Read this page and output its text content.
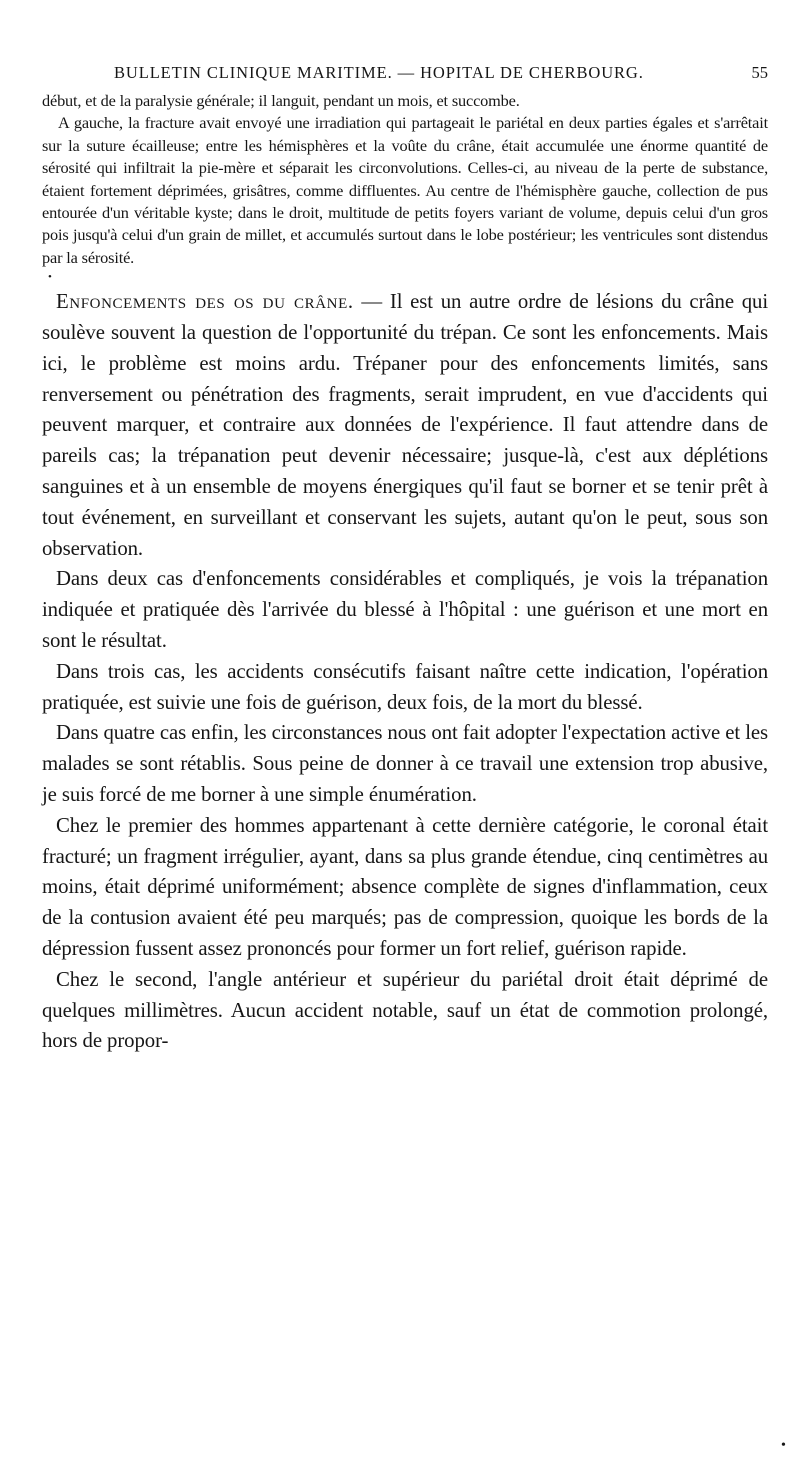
BULLETIN CLINIQUE MARITIME. — HOPITAL DE CHERBOURG.	55

début, et de la paralysie générale; il languit, pendant un mois, et succombe.

A gauche, la fracture avait envoyé une irradiation qui partageait le pariétal en deux parties égales et s'arrêtait sur la suture écailleuse; entre les hémisphères et la voûte du crâne, était accumulée une énorme quantité de sérosité qui infiltrait la pie-mère et séparait les circonvolutions. Celles-ci, au niveau de la perte de substance, étaient fortement déprimées, grisâtres, comme diffluentes. Au centre de l'hémisphère gauche, collection de pus entourée d'un véritable kyste; dans le droit, multitude de petits foyers variant de volume, depuis celui d'un gros pois jusqu'à celui d'un grain de millet, et accumulés surtout dans le lobe postérieur; les ventricules sont distendus par la sérosité.

•

Enfoncements des os du crâne. — Il est un autre ordre de lésions du crâne qui soulève souvent la question de l'opportunité du trépan. Ce sont les enfoncements. Mais ici, le problème est moins ardu. Trépaner pour des enfoncements limités, sans renversement ou pénétration des fragments, serait imprudent, en vue d'accidents qui peuvent marquer, et contraire aux données de l'expérience. Il faut attendre dans de pareils cas; la trépanation peut devenir nécessaire; jusque-là, c'est aux déplétions sanguines et à un ensemble de moyens énergiques qu'il faut se borner et se tenir prêt à tout événement, en surveillant et conservant les sujets, autant qu'on le peut, sous son observation.

Dans deux cas d'enfoncements considérables et compliqués, je vois la trépanation indiquée et pratiquée dès l'arrivée du blessé à l'hôpital : une guérison et une mort en sont le résultat.

Dans trois cas, les accidents consécutifs faisant naître cette indication, l'opération pratiquée, est suivie une fois de guérison, deux fois, de la mort du blessé.

Dans quatre cas enfin, les circonstances nous ont fait adopter l'expectation active et les malades se sont rétablis. Sous peine de donner à ce travail une extension trop abusive, je suis forcé de me borner à une simple énumération.

Chez le premier des hommes appartenant à cette dernière catégorie, le coronal était fracturé; un fragment irrégulier, ayant, dans sa plus grande étendue, cinq centimètres au moins, était déprimé uniformément; absence complète de signes d'inflammation, ceux de la contusion avaient été peu marqués; pas de compression, quoique les bords de la dépression fussent assez prononcés pour former un fort relief, guérison rapide.

Chez le second, l'angle antérieur et supérieur du pariétal droit était déprimé de quelques millimètres. Aucun accident notable, sauf un état de commotion prolongé, hors de propor-

•
